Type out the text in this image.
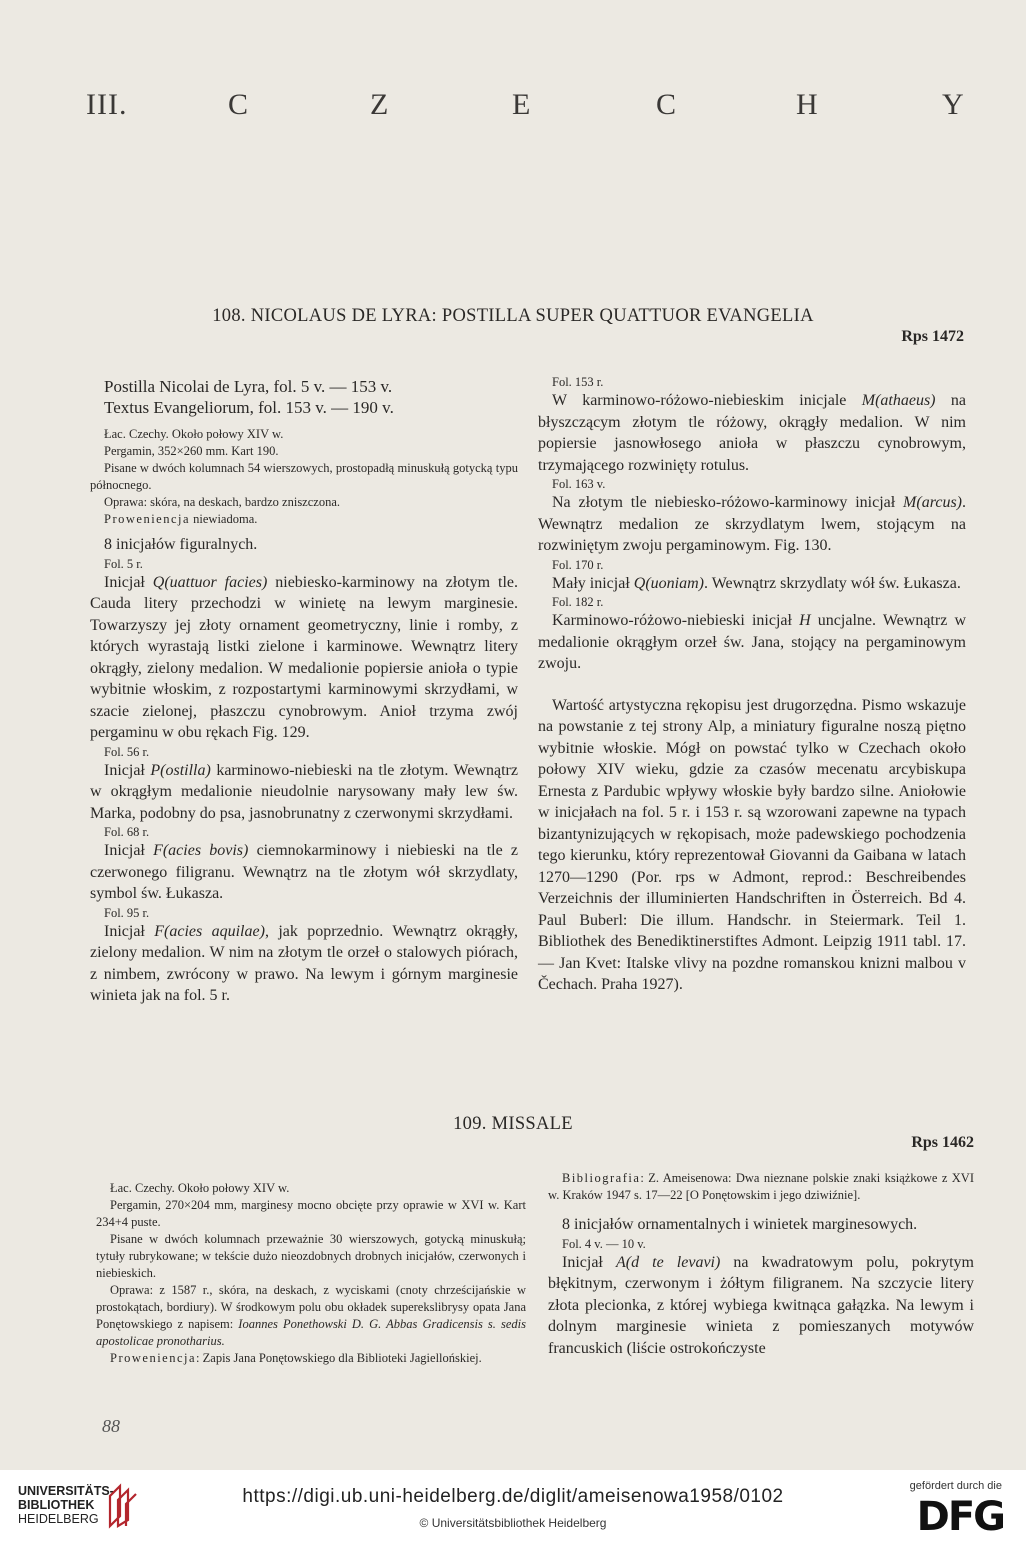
III.	C	Z	E	C	H	Y
108. NICOLAUS DE LYRA: POSTILLA SUPER QUATTUOR EVANGELIA
Rps 1472

Postilla Nicolai de Lyra, fol. 5 v. — 153 v.

Textus Evangeliorum, fol. 153 v. — 190 v.

Łac. Czechy. Około połowy XIV w.

Pergamin, 352×260 mm. Kart 190.

Pisane w dwóch kolumnach 54 wierszowych, prostopadłą minuskułą gotycką typu północnego.

Oprawa: skóra, na deskach, bardzo zniszczona.

Proweniencja niewiadoma.

8 inicjałów figuralnych.

Fol. 5 r.

Inicjał Q(uattuor facies) niebiesko-karminowy na złotym tle. Cauda litery przechodzi w winietę na lewym marginesie. Towarzyszy jej złoty ornament geometryczny, linie i romby, z których wyrastają listki zielone i karminowe. Wewnątrz litery okrągły, zielony medalion. W medalionie popiersie anioła o typie wybitnie włoskim, z rozpostartymi karminowymi skrzydłami, w szacie zielonej, płaszczu cynobrowym. Anioł trzyma zwój pergaminu w obu rękach Fig. 129.

Fol. 56 r.

Inicjał P(ostilla) karminowo-niebieski na tle złotym. Wewnątrz w okrągłym medalionie nieudolnie narysowany mały lew św. Marka, podobny do psa, jasnobrunatny z czerwonymi skrzydłami.

Fol. 68 r.

Inicjał F(acies bovis) ciemnokarminowy i niebieski na tle z czerwonego filigranu. Wewnątrz na tle złotym wół skrzydlaty, symbol św. Łukasza.

Fol. 95 r.

Inicjał F(acies aquilae), jak poprzednio. Wewnątrz okrągły, zielony medalion. W nim na złotym tle orzeł o stalowych piórach, z nimbem, zwrócony w prawo. Na lewym i górnym marginesie winieta jak na fol. 5 r.

Fol. 153 r.

W karminowo-różowo-niebieskim inicjale M(athaeus) na błyszczącym złotym tle różowy, okrągły medalion. W nim popiersie jasnowłosego anioła w płaszczu cynobrowym, trzymającego rozwinięty rotulus.

Fol. 163 v.

Na złotym tle niebiesko-różowo-karminowy inicjał M(arcus). Wewnątrz medalion ze skrzydlatym lwem, stojącym na rozwiniętym zwoju pergaminowym. Fig. 130.

Fol. 170 r.

Mały inicjał Q(uoniam). Wewnątrz skrzydlaty wół św. Łukasza.

Fol. 182 r.

Karminowo-różowo-niebieski inicjał H uncjalne. Wewnątrz w medalionie okrągłym orzeł św. Jana, stojący na pergaminowym zwoju.

Wartość artystyczna rękopisu jest drugorzędna. Pismo wskazuje na powstanie z tej strony Alp, a miniatury figuralne noszą piętno wybitnie włoskie. Mógł on powstać tylko w Czechach około połowy XIV wieku, gdzie za czasów mecenatu arcybiskupa Ernesta z Pardubic wpływy włoskie były bardzo silne. Aniołowie w inicjałach na fol. 5 r. i 153 r. są wzorowani zapewne na typach bizantynizujących w rękopisach, może padewskiego pochodzenia tego kierunku, który reprezentował Giovanni da Gaibana w latach 1270—1290 (Por. rps w Admont, reprod.: Beschreibendes Verzeichnis der illuminierten Handschriften in Österreich. Bd 4. Paul Buberl: Die illum. Handschr. in Steiermark. Teil 1. Bibliothek des Benediktinerstiftes Admont. Leipzig 1911 tabl. 17. — Jan Kvet: Italske vlivy na pozdne romanskou knizni malbou v Čechach. Praha 1927).

109. MISSALE
Rps 1462

Łac. Czechy. Około połowy XIV w.

Pergamin, 270×204 mm, marginesy mocno obcięte przy oprawie w XVI w. Kart 234+4 puste.

Pisane w dwóch kolumnach przeważnie 30 wierszowych, gotycką minuskułą; tytuły rubrykowane; w tekście dużo nieozdobnych drobnych inicjałów, czerwonych i niebieskich.

Oprawa: z 1587 r., skóra, na deskach, z wyciskami (cnoty chrześcijańskie w prostokątach, bordiury). W środkowym polu obu okładek superekslibrysy opata Jana Ponętowskiego z napisem: Ioannes Ponethowski D. G. Abbas Gradicensis s. sedis apostolicae pronotharius.

Proweniencja: Zapis Jana Ponętowskiego dla Biblioteki Jagiellońskiej.

Bibliografia: Z. Ameisenowa: Dwa nieznane polskie znaki książkowe z XVI w. Kraków 1947 s. 17—22 [O Ponętowskim i jego dziwiźnie].

8 inicjałów ornamentalnych i winietek marginesowych.

Fol. 4 v. — 10 v.

Inicjał A(d te levavi) na kwadratowym polu, pokrytym błękitnym, czerwonym i żółtym filigranem. Na szczycie litery złota plecionka, z której wybiega kwitnąca gałązka. Na lewym i dolnym marginesie winieta z pomieszanych motywów francuskich (liście ostrokończyste

88
UNIVERSITÄTS-
BIBLIOTHEK
HEIDELBERG
https://digi.ub.uni-heidelberg.de/diglit/ameisenowa1958/0102
© Universitätsbibliothek Heidelberg
gefördert durch die
DFG
